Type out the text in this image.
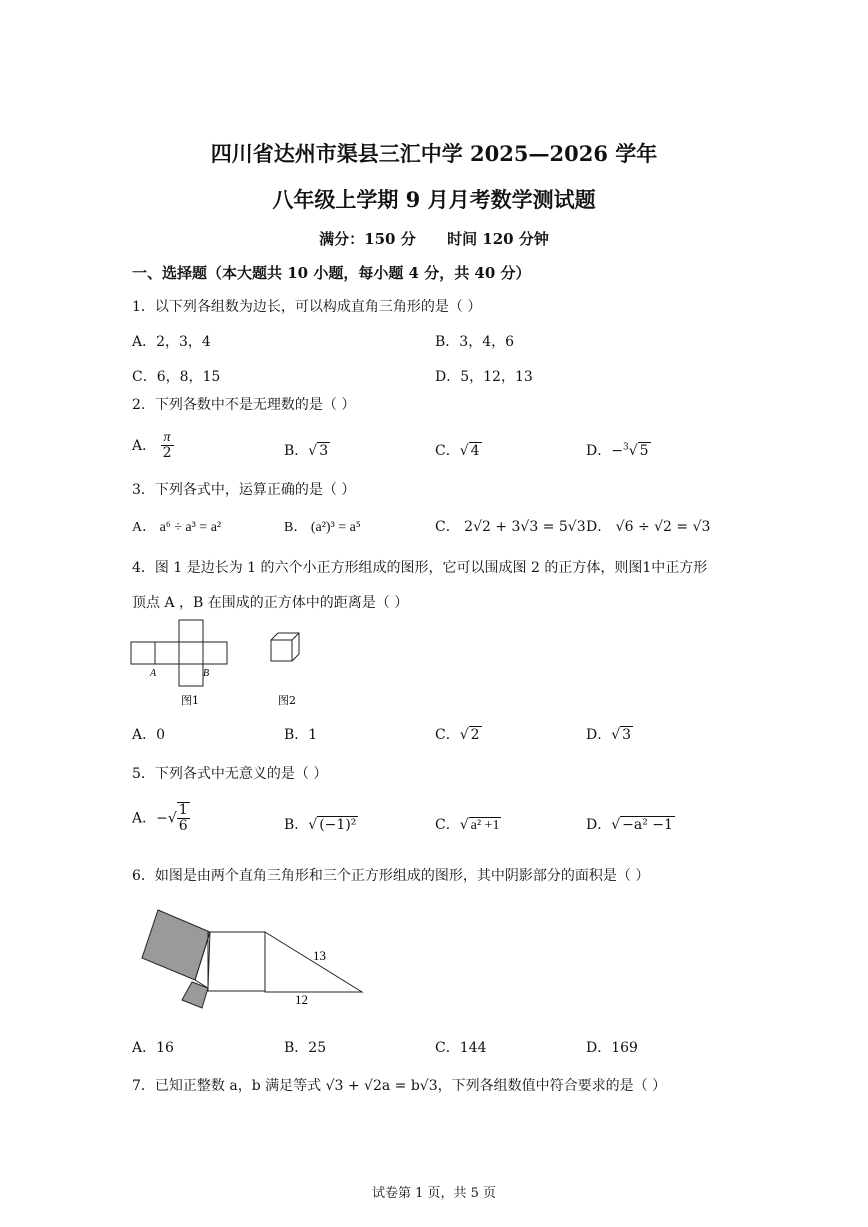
四川省达州市渠县三汇中学 2025—2026 学年
八年级上学期 9 月月考数学测试题
满分：150 分 时间 120 分钟
一、选择题（本大题共 10 小题，每小题 4 分，共 40 分）
1．以下列各组数为边长，可以构成直角三角形的是（ ）
A．2，3，4	B．3，4，6
C．6，8，15	D．5，12，13
2．下列各数中不是无理数的是（ ）
A． $\frac{\pi}{2}$	B．√ 3	C．√ 4	D．−$^3$√ 5
3．下列各式中，运算正确的是（ ）
A． a⁶ ÷ a³ = a²	B． (a²)³ = a⁵	C． 2√2 + 3√3 = 5√3 D． √6 ÷ √2 = √3
4．图 1 是边长为 1 的六个小正方形组成的图形，它可以围成图 2 的正方体，则图1中正方形
顶点 A ，B 在围成的正方体中的距离是（ ）
A	B
图1	图2
A．0	B．1	C．√ 2	D．√ 3
5．下列各式中无意义的是（ ）
A．−√ $\frac{1}{6}$	B．√ (−1)²	C．√ a² +1	D．√ −a² −1
6．如图是由两个直角三角形和三个正方形组成的图形，其中阴影部分的面积是（ ）
13
12
A．16	B．25	C．144	D．169
7．已知正整数 a，b 满足等式 √3 + √2a = b√3，下列各组数值中符合要求的是（ ）
试卷第 1 页，共 5 页
